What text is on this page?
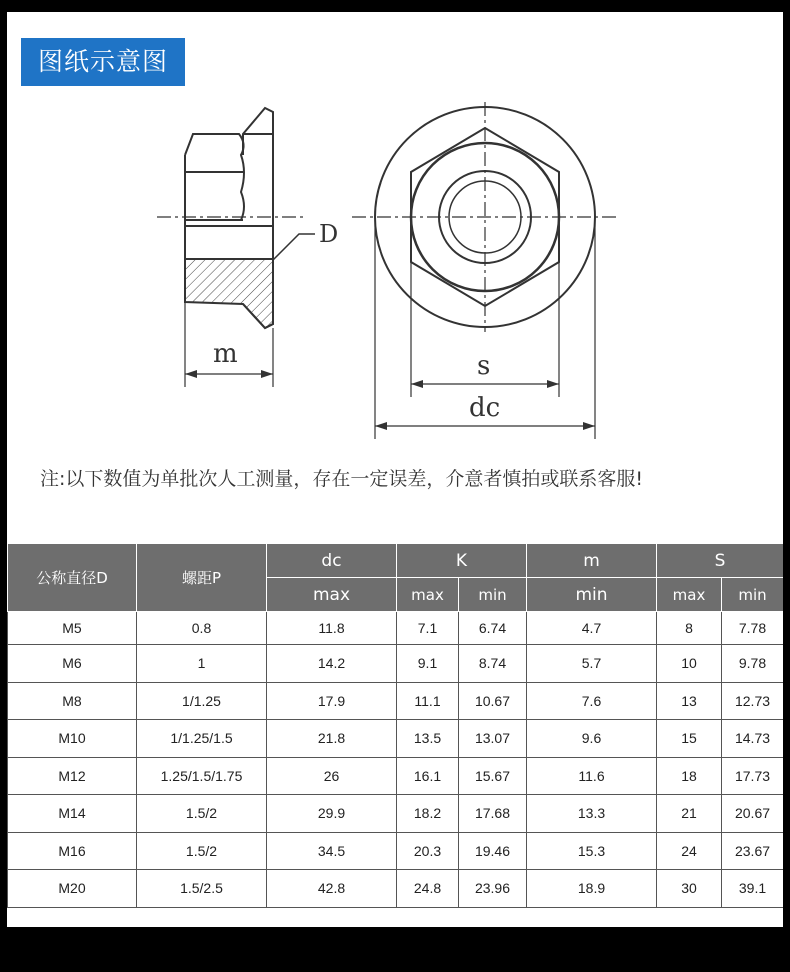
图纸示意图
D
m	s
dc
注:以下数值为单批次人工测量，存在一定误差，介意者慎拍或联系客服!
公称直径D	螺距P	dc	K		m	S	
		max	max	min	min	max	min
M5	0.8	11.8	7.1	6.74	4.7	8	7.78
M6	1	14.2	9.1	8.74	5.7	10	9.78
M8	1/1.25	17.9	11.1	10.67	7.6	13	12.73
M10	1/1.25/1.5	21.8	13.5	13.07	9.6	15	14.73
M12	1.25/1.5/1.75	26	16.1	15.67	11.6	18	17.73
M14	1.5/2	29.9	18.2	17.68	13.3	21	20.67
M16	1.5/2	34.5	20.3	19.46	15.3	24	23.67
M20	1.5/2.5	42.8	24.8	23.96	18.9	30	39.1
